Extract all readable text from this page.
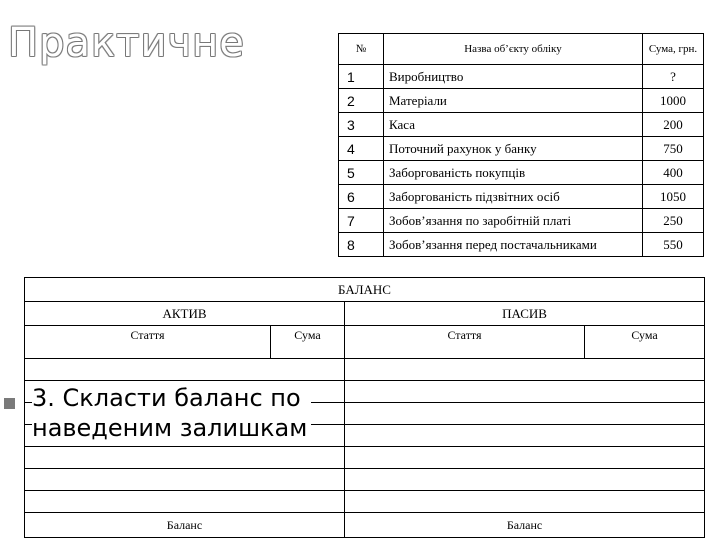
Практичне	№	Назва об’єкту обліку	Сума, грн.
1	Виробництво	?
2	Матеріали	1000
3	Каса	200
4	Поточний рахунок у банку	750
5	Заборгованість покупців	400
6	Заборгованість підзвітних осіб	1050
7	Зобов’язання по заробітній платі	250
8	Зобов’язання перед постачальниками	550
БАЛАНС			
АКТИВ		ПАСИВ	
Стаття	Сума	Стаття	Сума

Баланс		Баланс	
3. Скласти баланс по
наведеним залишкам
